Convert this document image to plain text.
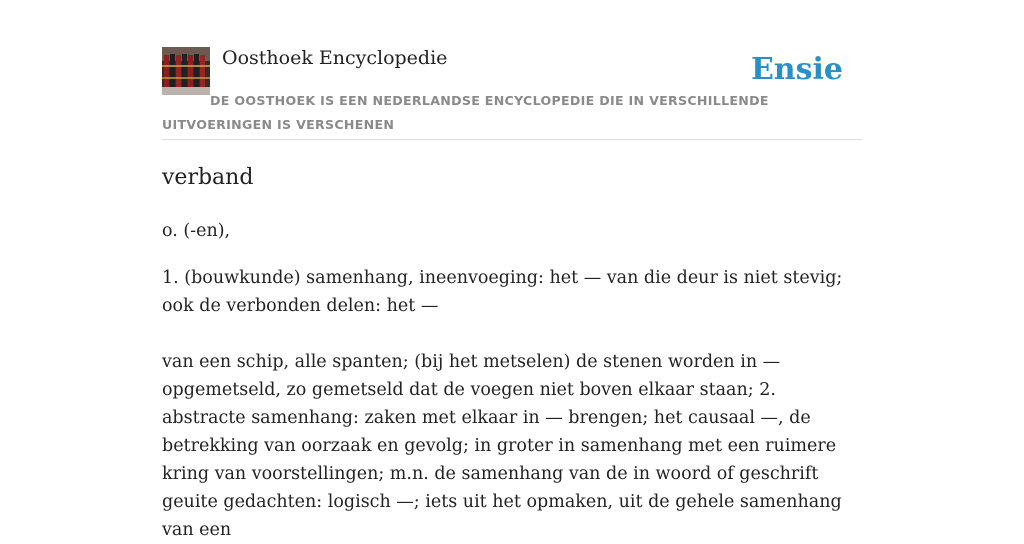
Oosthoek Encyclopedie	Ensie
DE OOSTHOEK IS EEN NEDERLANDSE ENCYCLOPEDIE DIE IN VERSCHILLENDE UITVOERINGEN IS VERSCHENEN
verband

o. (-en),

1. (bouwkunde) samenhang, ineenvoeging: het — van die deur is niet stevig; ook de verbonden delen: het —

van een schip, alle spanten; (bij het metselen) de stenen worden in — opgemetseld, zo gemetseld dat de voegen niet boven elkaar staan; 2. abstracte samenhang: zaken met elkaar in — brengen; het causaal —, de betrekking van oorzaak en gevolg; in groter in samenhang met een ruimere kring van voorstellingen; m.n. de samenhang van de in woord of geschrift geuite gedachten: logisch —; iets uit het opmaken, uit de gehele samenhang van een
